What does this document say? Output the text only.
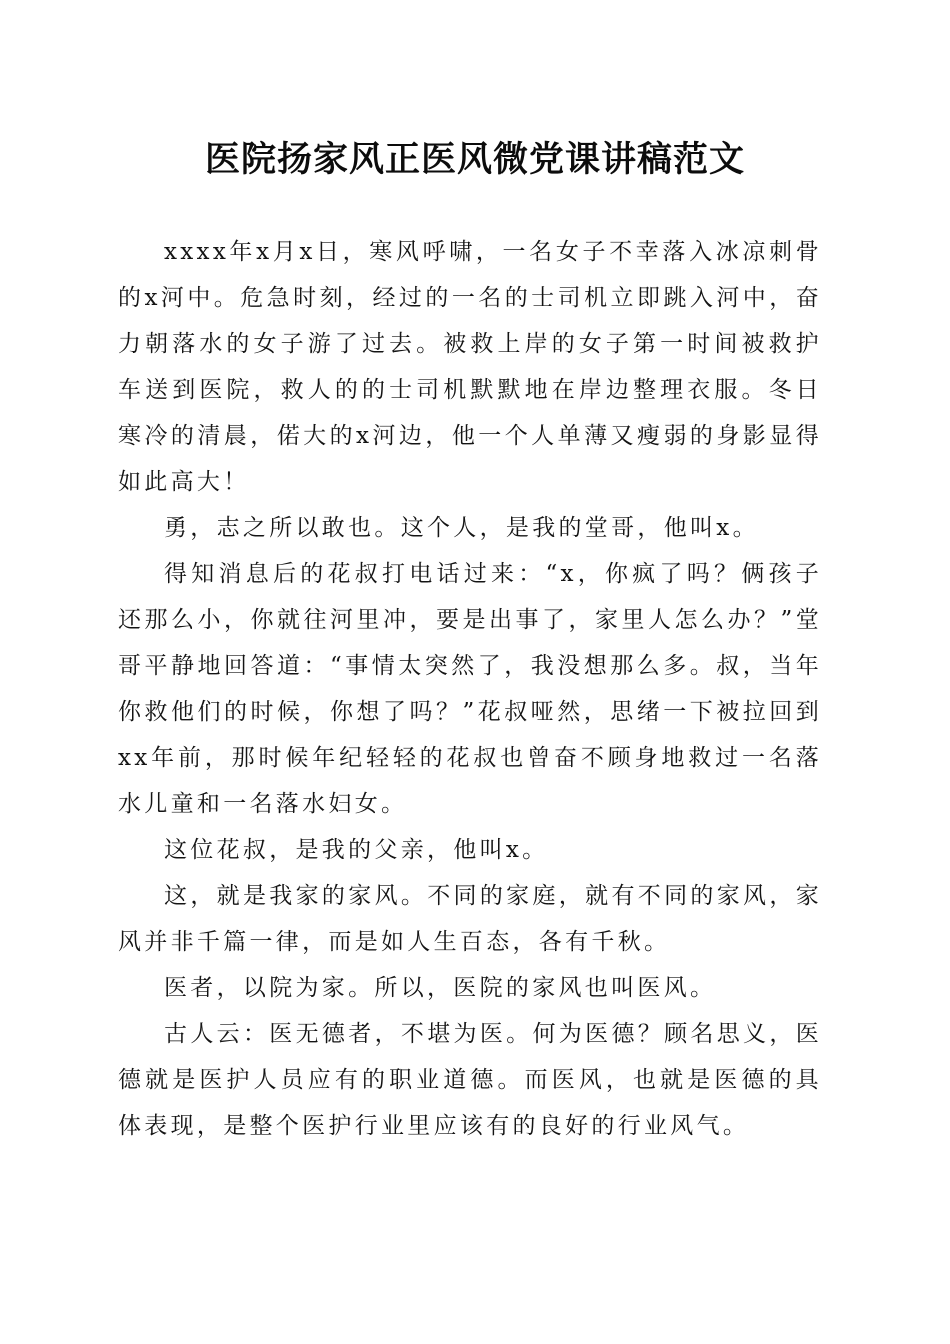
医院扬家风正医风微党课讲稿范文

xxxx年x月x日，寒风呼啸，一名女子不幸落入冰凉刺骨的x河中。危急时刻，经过的一名的士司机立即跳入河中，奋力朝落水的女子游了过去。被救上岸的女子第一时间被救护车送到医院，救人的的士司机默默地在岸边整理衣服。冬日寒冷的清晨，偌大的x河边，他一个人单薄又瘦弱的身影显得如此高大！

勇，志之所以敢也。这个人，是我的堂哥，他叫x。

得知消息后的花叔打电话过来：“x，你疯了吗？俩孩子还那么小，你就往河里冲，要是出事了，家里人怎么办？”堂哥平静地回答道：“事情太突然了，我没想那么多。叔，当年你救他们的时候，你想了吗？”花叔哑然，思绪一下被拉回到xx年前，那时候年纪轻轻的花叔也曾奋不顾身地救过一名落水儿童和一名落水妇女。

这位花叔，是我的父亲，他叫x。

这，就是我家的家风。不同的家庭，就有不同的家风，家风并非千篇一律，而是如人生百态，各有千秋。

医者，以院为家。所以，医院的家风也叫医风。

古人云：医无德者，不堪为医。何为医德？顾名思义，医德就是医护人员应有的职业道德。而医风，也就是医德的具体表现，是整个医护行业里应该有的良好的行业风气。
